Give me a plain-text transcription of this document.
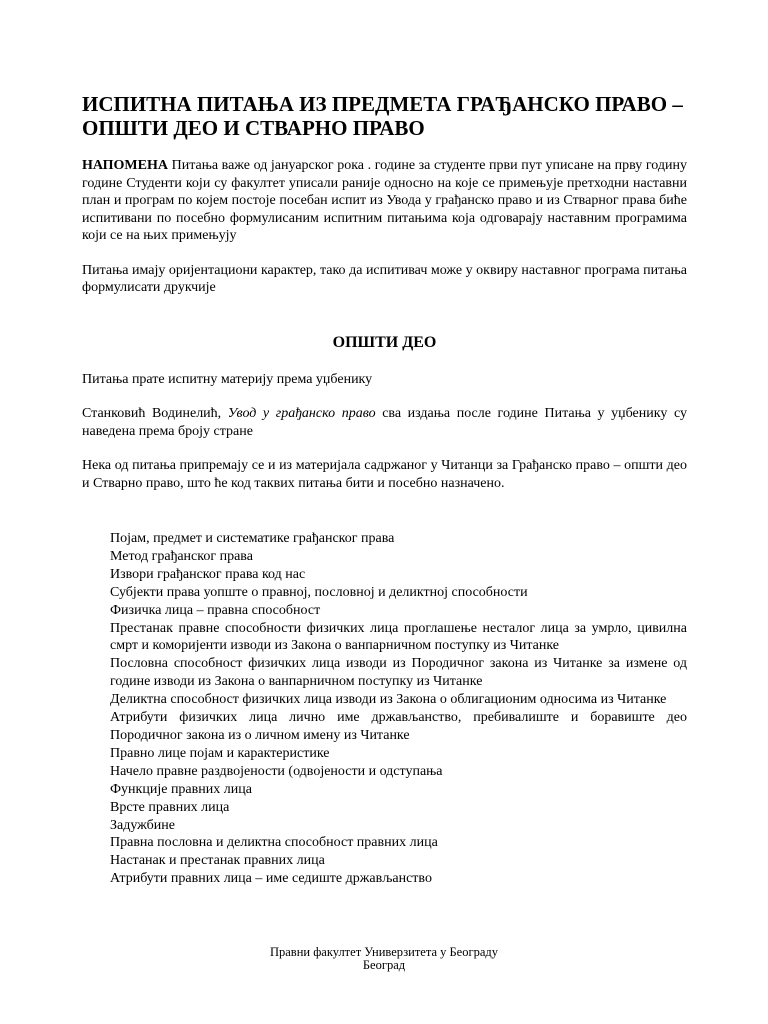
ИСПИТНА ПИТАЊА ИЗ ПРЕДМЕТА ГРАЂАНСКО ПРАВО – ОПШТИ ДЕО И СТВАРНО ПРАВО

НАПОМЕНА Питања важе од јануарског рока . године за студенте први пут уписане на прву годину године Студенти који су факултет уписали раније односно на које се примењује претходни наставни план и програм по којем постоје посебан испит из Увода у грађанско право и из Стварног права биће испитивани по посебно формулисаним испитним питањима која одговарају наставним програмима који се на њих примењују

Питања имају оријентациони карактер, тако да испитивач може у оквиру наставног програма питања формулисати друкчије

ОПШТИ ДЕО

Питања прате испитну материју према уџбенику

Станковић Водинелић, Увод у грађанско право сва издања после године Питања у уџбенику су наведена према броју стране

Нека од питања припремају се и из материјала садржаног у Читанци за Грађанско право – општи део и Стварно право, што ће код таквих питања бити и посебно назначено.

Појам, предмет и систематике грађанског права
Метод грађанског права
Извори грађанског права код нас
Субјекти права уопште о правној, пословној и деликтној способности
Физичка лица – правна способност
Престанак правне способности физичких лица проглашење несталог лица за умрло, цивилна смрт и коморијенти изводи из Закона о ванпарничном поступку из Читанке
Пословна способност физичких лица изводи из Породичног закона из Читанке за измене од године изводи из Закона о ванпарничном поступку из Читанке
Деликтна способност физичких лица изводи из Закона о облигационим односима из Читанке
Атрибути физичких лица лично име држављанство, пребивалиште и боравиште део Породичног закона из о личном имену из Читанке
Правно лице појам и карактеристике
Начело правне раздвојености (одвојености и одступања
Функције правних лица
Врсте правних лица
Задужбине
Правна пословна и деликтна способност правних лица
Настанак и престанак правних лица
Атрибути правних лица – име седиште држављанство
Правни факултет Универзитета у Београду
Београд
